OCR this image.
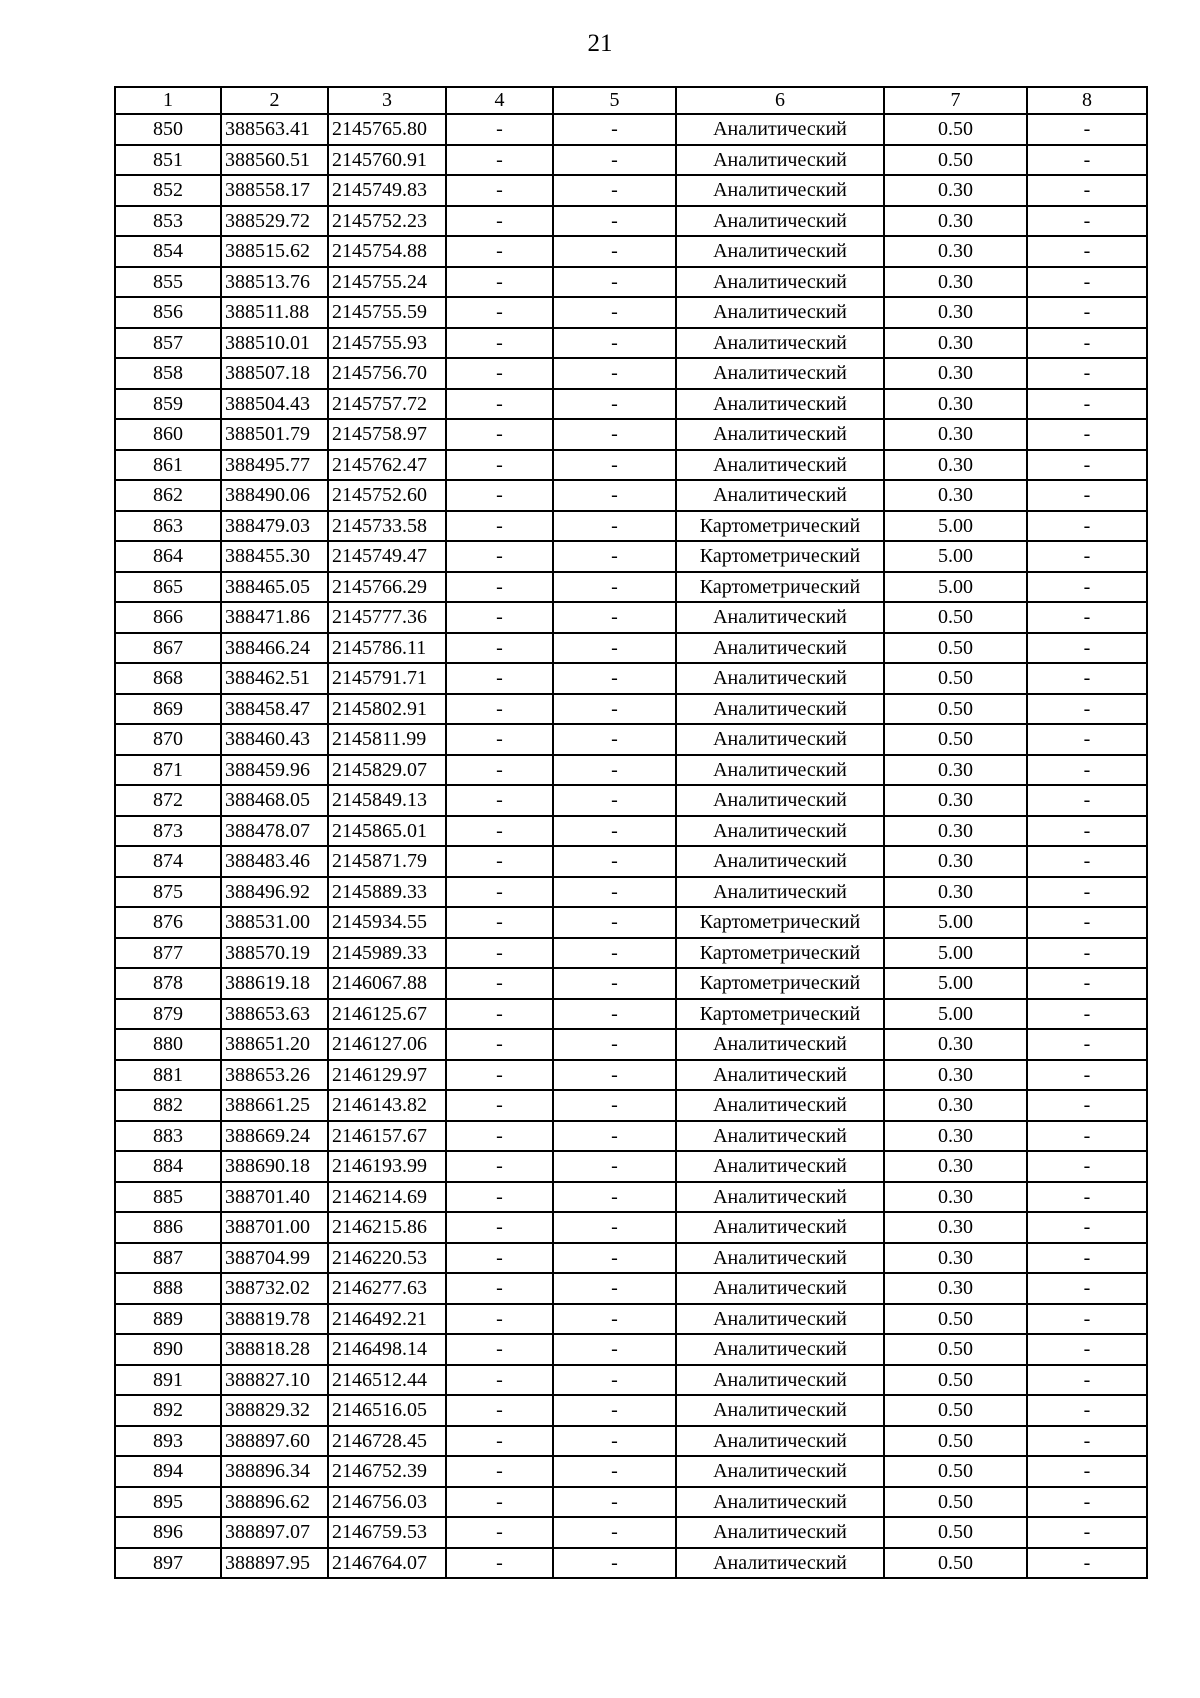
21
1	2	3	4	5	6	7	8
850	388563.41	2145765.80	-	-	Аналитический	0.50	-
851	388560.51	2145760.91	-	-	Аналитический	0.50	-
852	388558.17	2145749.83	-	-	Аналитический	0.30	-
853	388529.72	2145752.23	-	-	Аналитический	0.30	-
854	388515.62	2145754.88	-	-	Аналитический	0.30	-
855	388513.76	2145755.24	-	-	Аналитический	0.30	-
856	388511.88	2145755.59	-	-	Аналитический	0.30	-
857	388510.01	2145755.93	-	-	Аналитический	0.30	-
858	388507.18	2145756.70	-	-	Аналитический	0.30	-
859	388504.43	2145757.72	-	-	Аналитический	0.30	-
860	388501.79	2145758.97	-	-	Аналитический	0.30	-
861	388495.77	2145762.47	-	-	Аналитический	0.30	-
862	388490.06	2145752.60	-	-	Аналитический	0.30	-
863	388479.03	2145733.58	-	-	Картометрический	5.00	-
864	388455.30	2145749.47	-	-	Картометрический	5.00	-
865	388465.05	2145766.29	-	-	Картометрический	5.00	-
866	388471.86	2145777.36	-	-	Аналитический	0.50	-
867	388466.24	2145786.11	-	-	Аналитический	0.50	-
868	388462.51	2145791.71	-	-	Аналитический	0.50	-
869	388458.47	2145802.91	-	-	Аналитический	0.50	-
870	388460.43	2145811.99	-	-	Аналитический	0.50	-
871	388459.96	2145829.07	-	-	Аналитический	0.30	-
872	388468.05	2145849.13	-	-	Аналитический	0.30	-
873	388478.07	2145865.01	-	-	Аналитический	0.30	-
874	388483.46	2145871.79	-	-	Аналитический	0.30	-
875	388496.92	2145889.33	-	-	Аналитический	0.30	-
876	388531.00	2145934.55	-	-	Картометрический	5.00	-
877	388570.19	2145989.33	-	-	Картометрический	5.00	-
878	388619.18	2146067.88	-	-	Картометрический	5.00	-
879	388653.63	2146125.67	-	-	Картометрический	5.00	-
880	388651.20	2146127.06	-	-	Аналитический	0.30	-
881	388653.26	2146129.97	-	-	Аналитический	0.30	-
882	388661.25	2146143.82	-	-	Аналитический	0.30	-
883	388669.24	2146157.67	-	-	Аналитический	0.30	-
884	388690.18	2146193.99	-	-	Аналитический	0.30	-
885	388701.40	2146214.69	-	-	Аналитический	0.30	-
886	388701.00	2146215.86	-	-	Аналитический	0.30	-
887	388704.99	2146220.53	-	-	Аналитический	0.30	-
888	388732.02	2146277.63	-	-	Аналитический	0.30	-
889	388819.78	2146492.21	-	-	Аналитический	0.50	-
890	388818.28	2146498.14	-	-	Аналитический	0.50	-
891	388827.10	2146512.44	-	-	Аналитический	0.50	-
892	388829.32	2146516.05	-	-	Аналитический	0.50	-
893	388897.60	2146728.45	-	-	Аналитический	0.50	-
894	388896.34	2146752.39	-	-	Аналитический	0.50	-
895	388896.62	2146756.03	-	-	Аналитический	0.50	-
896	388897.07	2146759.53	-	-	Аналитический	0.50	-
897	388897.95	2146764.07	-	-	Аналитический	0.50	-
